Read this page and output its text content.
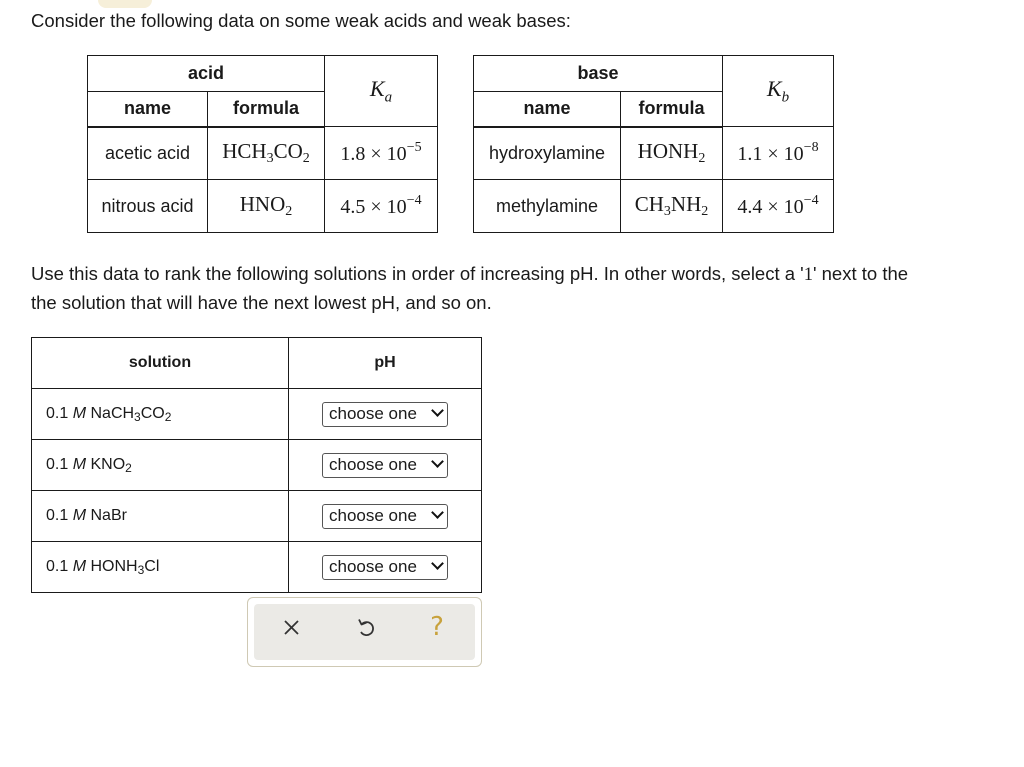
Consider the following data on some weak acids and weak bases:
acid		$K_a$
name	formula	
acetic acid	$HCH_3CO_2$	$1.8 \times 10^{-5}$
nitrous acid	$HNO_2$	$4.5 \times 10^{-4}$
base		$K_b$
name	formula	
hydroxylamine	$HONH_2$	$1.1 \times 10^{-8}$
methylamine	$CH_3NH_2$	$4.4 \times 10^{-4}$
Use this data to rank the following solutions in order of increasing pH. In other words, select a '1' next to the
the solution that will have the next lowest pH, and so on.
solution	pH
0.1 M $NaCH_3CO_2$	choose one

0.1 M $KNO_2$	choose one

0.1 M NaBr	choose one

0.1 M $HONH_3Cl$	choose one
?
